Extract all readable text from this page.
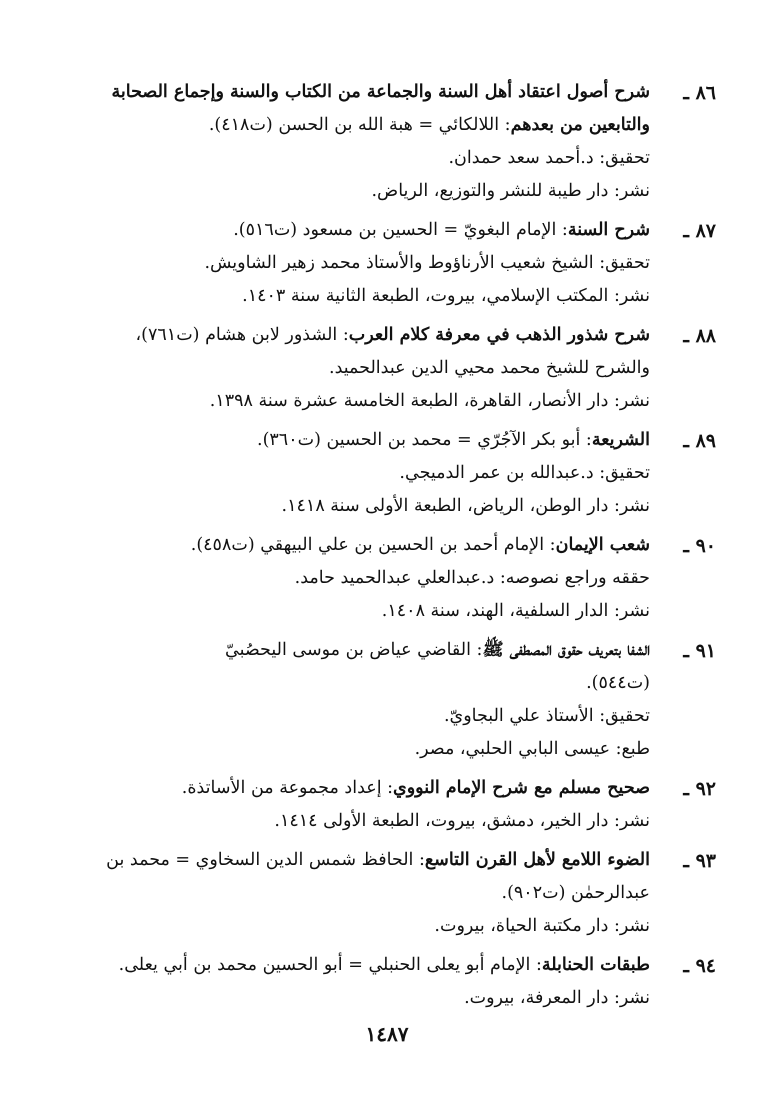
٨٦ ـ
شرح أصول اعتقاد أهل السنة والجماعة من الكتاب والسنة وإجماع الصحابة
والتابعين من بعدهم: اللالكائي = هبة الله بن الحسن (ت٤١٨).
تحقيق: د.أحمد سعد حمدان.
نشر: دار طيبة للنشر والتوزيع، الرياض.
٨٧ ـ
شرح السنة: الإمام البغويّ = الحسين بن مسعود (ت٥١٦).
تحقيق: الشيخ شعيب الأرناؤوط والأستاذ محمد زهير الشاويش.
نشر: المكتب الإسلامي، بيروت، الطبعة الثانية سنة ١٤٠٣.
٨٨ ـ
شرح شذور الذهب في معرفة كلام العرب: الشذور لابن هشام (ت٧٦١)،
والشرح للشيخ محمد محيي الدين عبدالحميد.
نشر: دار الأنصار، القاهرة، الطبعة الخامسة عشرة سنة ١٣٩٨.
٨٩ ـ
الشريعة: أبو بكر الآجُرّي = محمد بن الحسين (ت٣٦٠).
تحقيق: د.عبدالله بن عمر الدميجي.
نشر: دار الوطن، الرياض، الطبعة الأولى سنة ١٤١٨.
٩٠ ـ
شعب الإيمان: الإمام أحمد بن الحسين بن علي البيهقي (ت٤٥٨).
حققه وراجع نصوصه: د.عبدالعلي عبدالحميد حامد.
نشر: الدار السلفية، الهند، سنة ١٤٠٨.
٩١ ـ
الشفا بتعريف حقوق المصطفى ﷺ: القاضي عياض بن موسى اليحصُبيّ
(ت٥٤٤).
تحقيق: الأستاذ علي البجاويّ.
طبع: عيسى البابي الحلبي، مصر.
٩٢ ـ
صحيح مسلم مع شرح الإمام النووي: إعداد مجموعة من الأساتذة.
نشر: دار الخير، دمشق، بيروت، الطبعة الأولى ١٤١٤.
٩٣ ـ
الضوء اللامع لأهل القرن التاسع: الحافظ شمس الدين السخاوي = محمد بن
عبدالرحمٰن (ت٩٠٢).
نشر: دار مكتبة الحياة، بيروت.
٩٤ ـ
طبقات الحنابلة: الإمام أبو يعلى الحنبلي = أبو الحسين محمد بن أبي يعلى.
نشر: دار المعرفة، بيروت.
١٤٨٧
